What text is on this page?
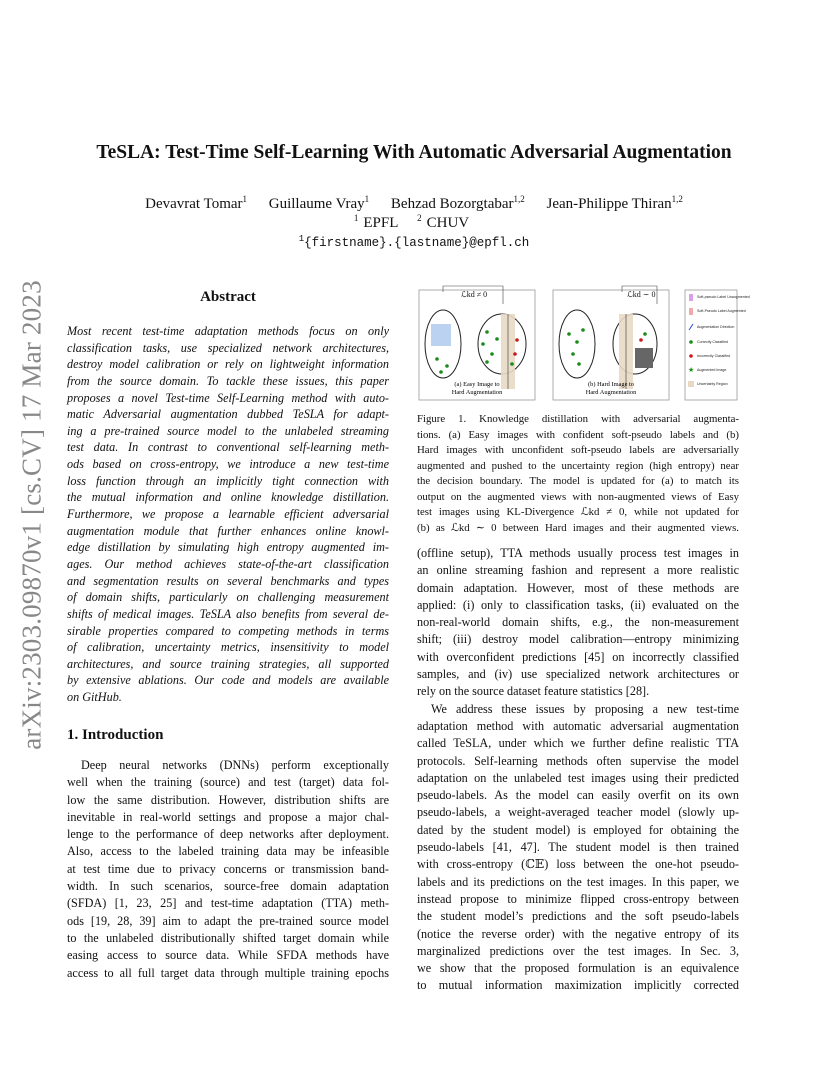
arXiv:2303.09870v1 [cs.CV] 17 Mar 2023
TeSLA: Test-Time Self-Learning With Automatic Adversarial Augmentation
Devavrat Tomar$^1$ Guillaume Vray$^1$ Behzad Bozorgtabar$^{1,2}$ Jean-Philippe Thiran$^{1,2}$
$^1$ EPFL $^2$ CHUV
$^1${firstname}.{lastname}@epfl.ch
Abstract
Most recent test-time adaptation methods focus on only
classification tasks, use specialized network architectures,
destroy model calibration or rely on lightweight information
from the source domain. To tackle these issues, this paper
proposes a novel Test-time Self-Learning method with auto-
matic Adversarial augmentation dubbed TeSLA for adapt-
ing a pre-trained source model to the unlabeled streaming
test data. In contrast to conventional self-learning meth-
ods based on cross-entropy, we introduce a new test-time
loss function through an implicitly tight connection with
the mutual information and online knowledge distillation.
Furthermore, we propose a learnable efficient adversarial
augmentation module that further enhances online knowl-
edge distillation by simulating high entropy augmented im-
ages. Our method achieves state-of-the-art classification
and segmentation results on several benchmarks and types
of domain shifts, particularly on challenging measurement
shifts of medical images. TeSLA also benefits from several de-
sirable properties compared to competing methods in terms
of calibration, uncertainty metrics, insensitivity to model
architectures, and source training strategies, all supported
by extensive ablations. Our code and models are available
on GitHub.
1. Introduction
Deep neural networks (DNNs) perform exceptionally
well when the training (source) and test (target) data fol-
low the same distribution. However, distribution shifts are
inevitable in real-world settings and propose a major chal-
lenge to the performance of deep networks after deployment.
Also, access to the labeled training data may be infeasible
at test time due to privacy concerns or transmission band-
width. In such scenarios, source-free domain adaptation
(SFDA) [1, 23, 25] and test-time adaptation (TTA) meth-
ods [19, 28, 39] aim to adapt the pre-trained source model
to the unlabeled distributionally shifted target domain while
easing access to source data. While SFDA methods have
access to all full target data through multiple training epochs
ℒkd ≠ 0
(a) Easy Image to
Hard Augmentation
ℒkd ∼ 0
(b) Hard Image to
Hard Augmentation
Soft-pseudo Label Unaugmented
Soft-Pseudo Label Augmented
Augmentation Direction
Correctly Classified
Incorrectly Classified
★ Augmented Image
Uncertainty Region
Figure 1. Knowledge distillation with adversarial augmenta-
tions. (a) Easy images with confident soft-pseudo labels and (b)
Hard images with unconfident soft-pseudo labels are adversarially
augmented and pushed to the uncertainty region (high entropy) near
the decision boundary. The model is updated for (a) to match its
output on the augmented views with non-augmented views of Easy
test images using KL-Divergence ℒkd ≠ 0, while not updated for
(b) as ℒkd ∼ 0 between Hard images and their augmented views.
(offline setup), TTA methods usually process test images in
an online streaming fashion and represent a more realistic
domain adaptation. However, most of these methods are
applied: (i) only to classification tasks, (ii) evaluated on the
non-real-world domain shifts, e.g., the non-measurement
shift; (iii) destroy model calibration—entropy minimizing
with overconfident predictions [45] on incorrectly classified
samples, and (iv) use specialized network architectures or
rely on the source dataset feature statistics [28].
We address these issues by proposing a new test-time
adaptation method with automatic adversarial augmentation
called TeSLA, under which we further define realistic TTA
protocols. Self-learning methods often supervise the model
adaptation on the unlabeled test images using their predicted
pseudo-labels. As the model can easily overfit on its own
pseudo-labels, a weight-averaged teacher model (slowly up-
dated by the student model) is employed for obtaining the
pseudo-labels [41, 47]. The student model is then trained
with cross-entropy (ℂ𝔼) loss between the one-hot pseudo-
labels and its predictions on the test images. In this paper, we
instead propose to minimize flipped cross-entropy between
the student model’s predictions and the soft pseudo-labels
(notice the reverse order) with the negative entropy of its
marginalized predictions over the test images. In Sec. 3,
we show that the proposed formulation is an equivalence
to mutual information maximization implicitly corrected
